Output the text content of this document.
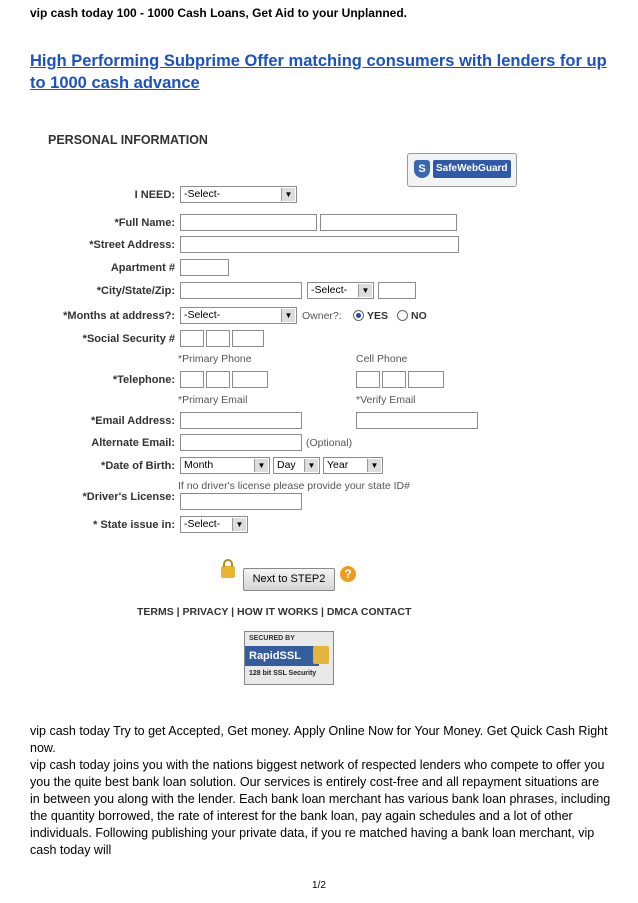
vip cash today 100 - 1000 Cash Loans, Get Aid to your Unplanned.
High Performing Subprime Offer matching consumers with lenders for up to 1000 cash advance
PERSONAL INFORMATION
S	SafeWebGuard
I NEED: -Select-	▼
*Full Name:
*Street Address:
Apartment #
*City/State/Zip:	-Select-	▼
*Months at address?: -Select-	▼ Owner?: YES NO
*Social Security #
*Primary Phone	Cell Phone
*Telephone:
*Primary Email	*Verify Email
*Email Address:
Alternate Email:	(Optional)
*Date of Birth: Month	▼	Day	▼	Year	▼
If no driver's license please provide your state ID#
*Driver's License:
* State issue in: -Select-	▼
Next to STEP2	?
TERMS | PRIVACY | HOW IT WORKS | DMCA CONTACT
SECURED BY
RapidSSL
128 bit SSL Security

vip cash today Try to get Accepted, Get money. Apply Online Now for Your Money. Get Quick Cash Right now.

vip cash today joins you with the nations biggest network of respected lenders who compete to offer you you the quite best bank loan solution. Our services is entirely cost-free and all repayment situations are in between you along with the lender. Each bank loan merchant has various bank loan phrases, including the quantity borrowed, the rate of interest for the bank loan, pay again schedules and a lot of other individuals. Following publishing your private data, if you re matched having a bank loan merchant, vip cash today will

1/2
